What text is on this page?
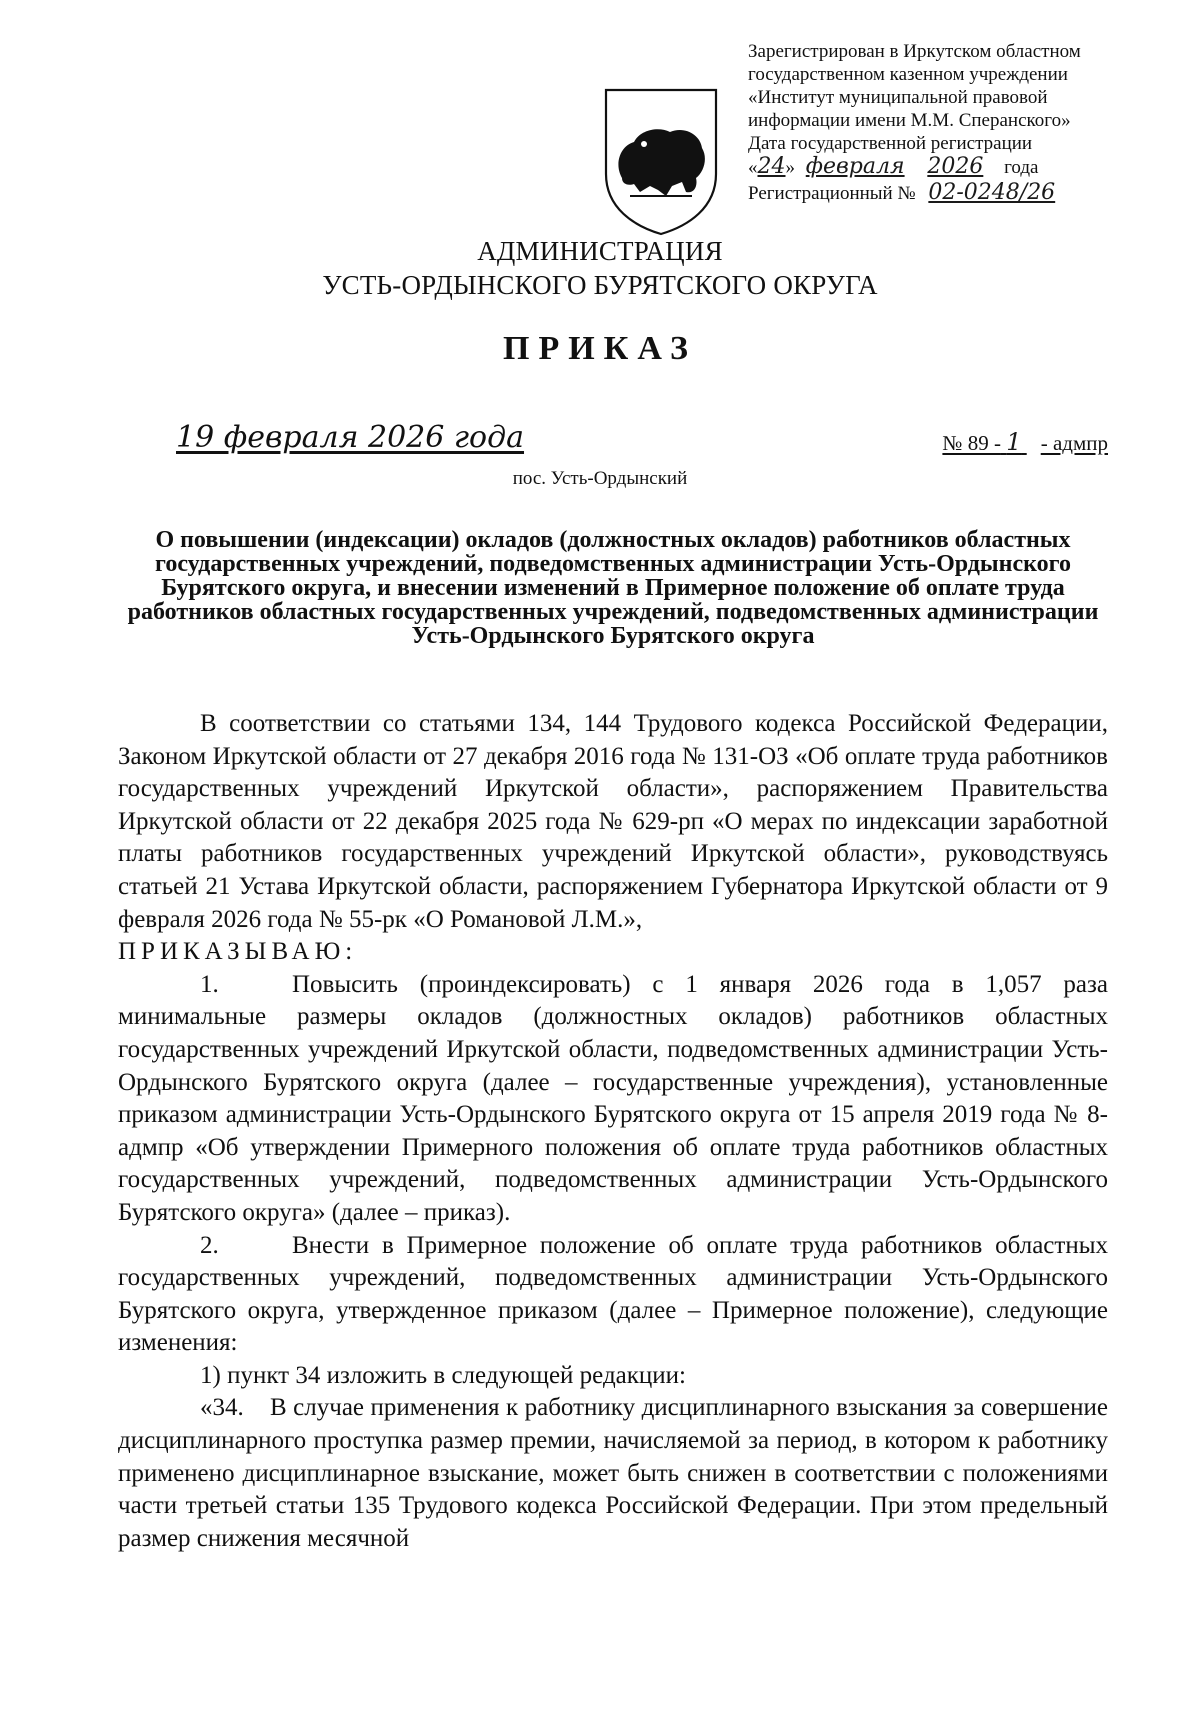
Зарегистрирован в Иркутском областном
государственном казенном учреждении
«Институт муниципальной правовой
информации имени М.М. Сперанского»
Дата государственной регистрации
«24» февраля 2026 года
Регистрационный № 02-0248/26
АДМИНИСТРАЦИЯ
УСТЬ-ОРДЫНСКОГО БУРЯТСКОГО ОКРУГА
ПРИКАЗ
19 февраля 2026 года	№ 89 - 1 - адмпр
пос. Усть-Ордынский
О повышении (индексации) окладов (должностных окладов) работников областных государственных учреждений, подведомственных администрации Усть-Ордынского Бурятского округа, и внесении изменений в Примерное положение об оплате труда работников областных государственных учреждений, подведомственных администрации Усть-Ордынского Бурятского округа

В соответствии со статьями 134, 144 Трудового кодекса Российской Федерации, Законом Иркутской области от 27 декабря 2016 года № 131-ОЗ «Об оплате труда работников государственных учреждений Иркутской области», распоряжением Правительства Иркутской области от 22 декабря 2025 года № 629-рп «О мерах по индексации заработной платы работников государственных учреждений Иркутской области», руководствуясь статьей 21 Устава Иркутской области, распоряжением Губернатора Иркутской области от 9 февраля 2026 года № 55-рк «О Романовой Л.М.»,

ПРИКАЗЫВАЮ:

1.	Повысить (проиндексировать) с 1 января 2026 года в 1,057 раза минимальные размеры окладов (должностных окладов) работников областных государственных учреждений Иркутской области, подведомственных администрации Усть-Ордынского Бурятского округа (далее – государственные учреждения), установленные приказом администрации Усть-Ордынского Бурятского округа от 15 апреля 2019 года № 8-адмпр «Об утверждении Примерного положения об оплате труда работников областных государственных учреждений, подведомственных администрации Усть-Ордынского Бурятского округа» (далее – приказ).

2.	Внести в Примерное положение об оплате труда работников областных государственных учреждений, подведомственных администрации Усть-Ордынского Бурятского округа, утвержденное приказом (далее – Примерное положение), следующие изменения:

1) пункт 34 изложить в следующей редакции:

«34. В случае применения к работнику дисциплинарного взыскания за совершение дисциплинарного проступка размер премии, начисляемой за период, в котором к работнику применено дисциплинарное взыскание, может быть снижен в соответствии с положениями части третьей статьи 135 Трудового кодекса Российской Федерации. При этом предельный размер снижения месячной
